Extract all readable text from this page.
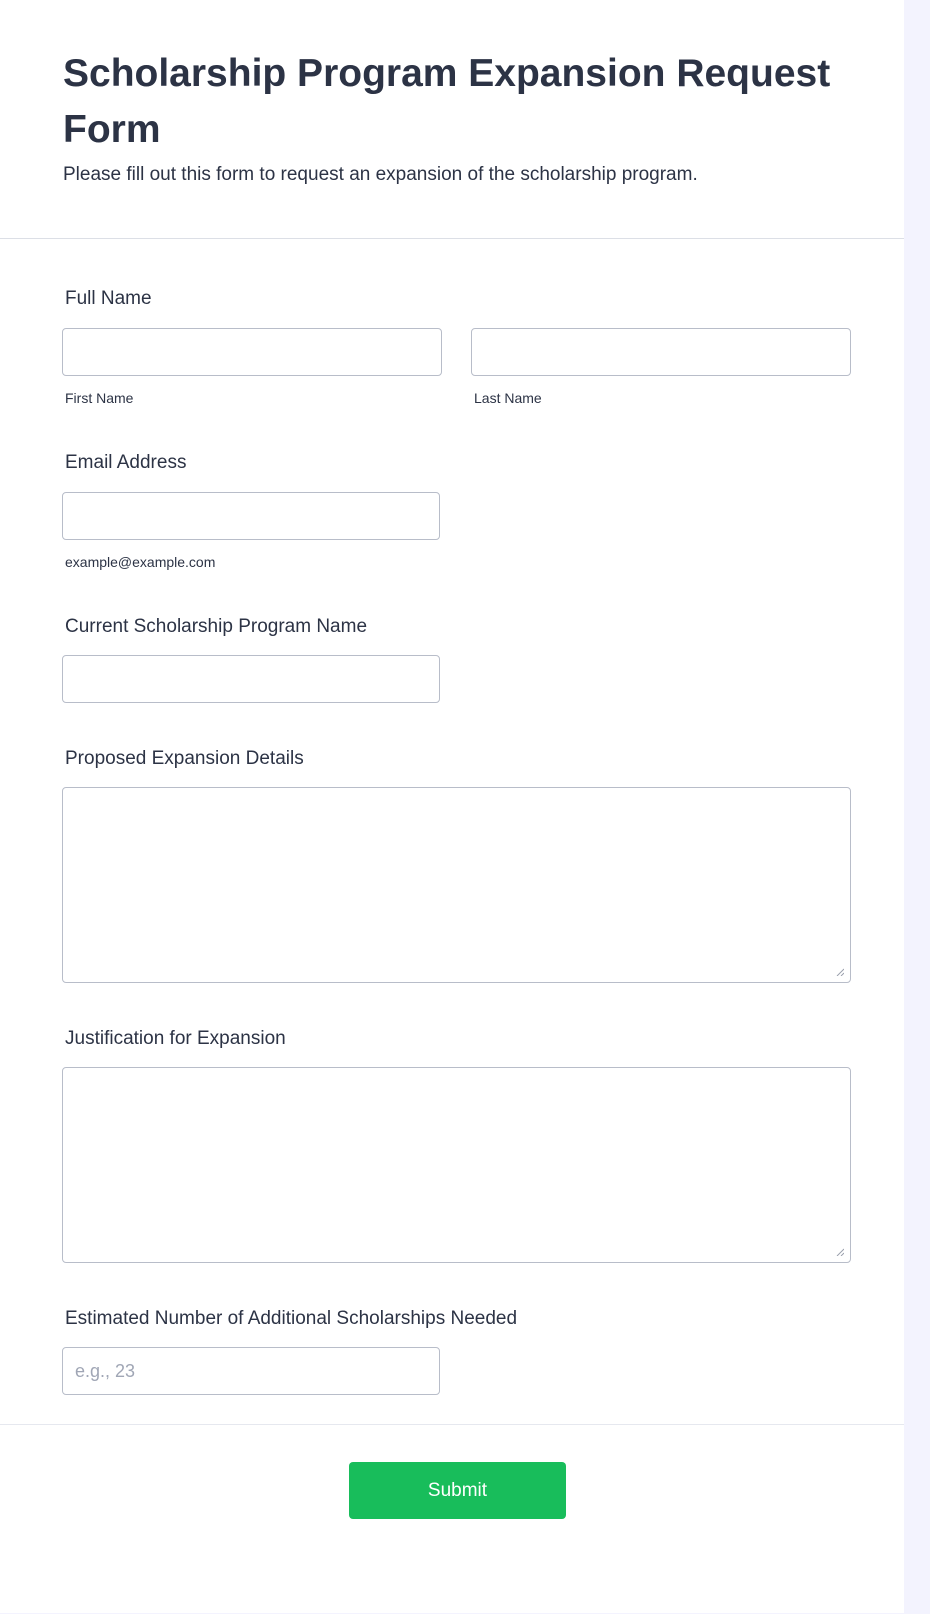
Scholarship Program Expansion Request Form
Please fill out this form to request an expansion of the scholarship program.
Full Name
First Name	Last Name
Email Address
example@example.com
Current Scholarship Program Name
Proposed Expansion Details
Justification for Expansion
Estimated Number of Additional Scholarships Needed
e.g., 23
Submit
